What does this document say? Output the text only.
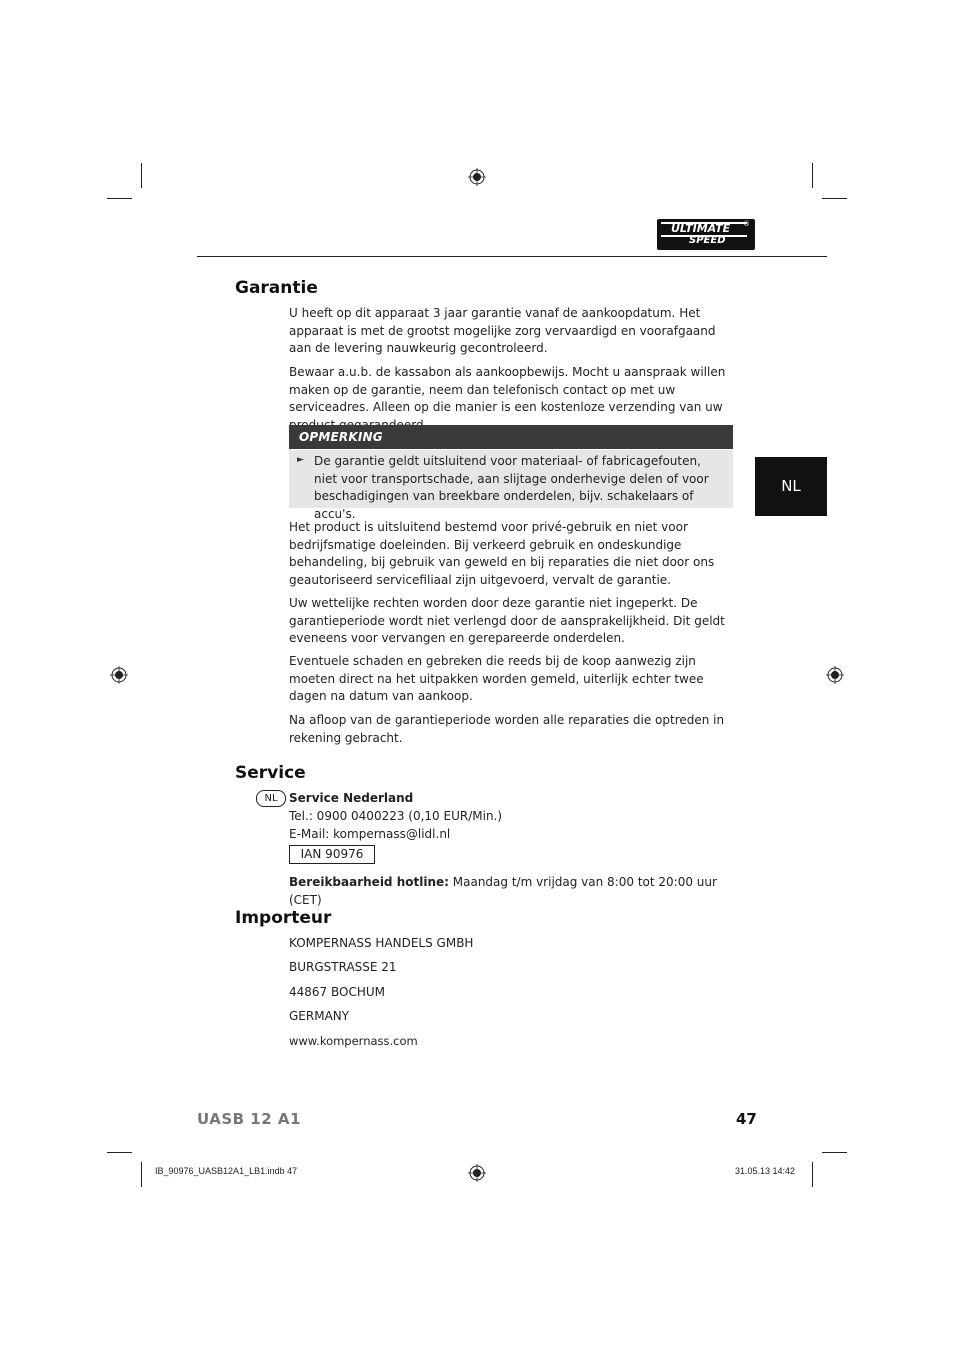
ULTIMATE
SPEED
®
NL
Garantie

U heeft op dit apparaat 3 jaar garantie vanaf de aankoopdatum. Het apparaat is met de grootst mogelijke zorg vervaardigd en voorafgaand aan de levering nauwkeurig gecontroleerd.

Bewaar a.u.b. de kassabon als aankoopbewijs. Mocht u aanspraak willen maken op de garantie, neem dan telefonisch contact op met uw serviceadres. Alleen op die manier is een kostenloze verzending van uw

OPMERKING
► De garantie geldt uitsluitend voor materiaal- of fabricagefouten, niet voor transportschade, aan slijtage onderhevige delen of voor beschadigingen van breekbare onderdelen, bijv. schakelaars of accu's.

Het product is uitsluitend bestemd voor privé-gebruik en niet voor bedrijfsmatige doeleinden. Bij verkeerd gebruik en ondeskundige behandeling, bij gebruik van geweld en bij reparaties die niet door ons geautoriseerd servicefiliaal zijn uitgevoerd, vervalt de garantie.

Uw wettelijke rechten worden door deze garantie niet ingeperkt. De garantieperiode wordt niet verlengd door de aansprakelijkheid. Dit geldt eveneens voor vervangen en gerepareerde onderdelen.

Eventuele schaden en gebreken die reeds bij de koop aanwezig zijn moeten direct na het uitpakken worden gemeld, uiterlijk echter twee dagen na datum van aankoop.

Na afloop van de garantieperiode worden alle reparaties die optreden in rekening gebracht.

Service
NL Service Nederland
Tel.: 0900 0400223 (0,10 EUR/Min.)
E-Mail: kompernass@lidl.nl
IAN 90976
Bereikbaarheid hotline: Maandag t/m vrijdag van 8:00 tot 20:00 uur (CET)
Importeur
KOMPERNASS HANDELS GMBH
BURGSTRASSE 21
44867 BOCHUM
GERMANY
www.kompernass.com
UASB 12 A1	47
IB_90976_UASB12A1_LB1.indb 47	31.05.13 14:42
